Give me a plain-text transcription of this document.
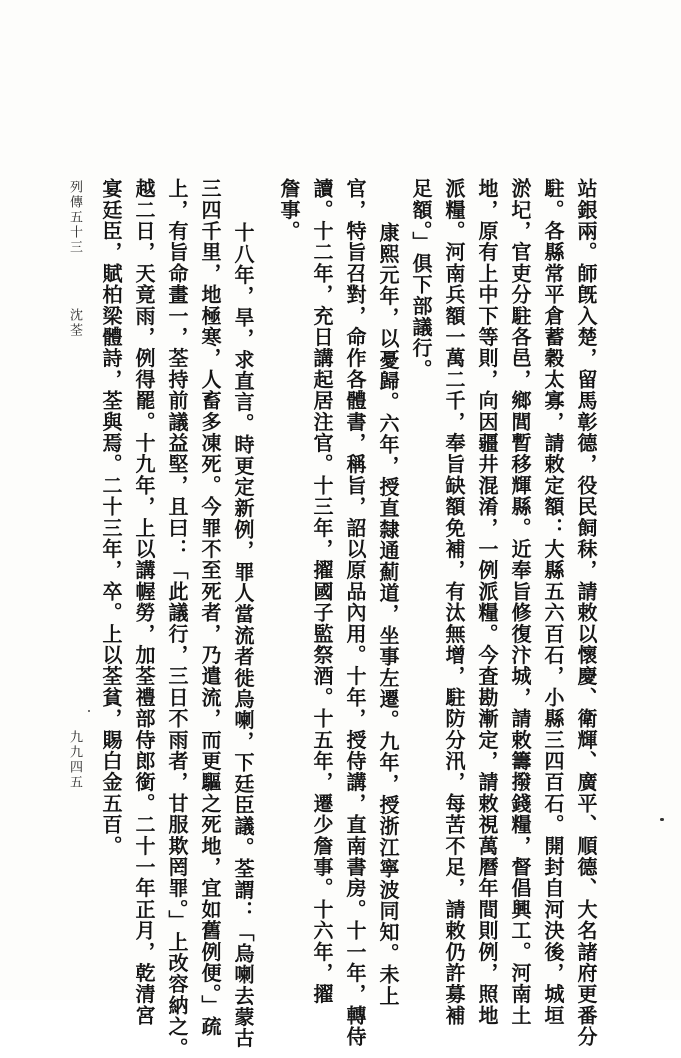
站銀兩。師旣入楚，留馬彰德，役民飼秣，請敕以懷慶、衛輝、廣平、順德、大名諸府更番分
駐。各縣常平倉蓄穀太寡，請敕定額：大縣五六百石，小縣三四百石。開封自河決後，城垣
淤圮，官吏分駐各邑，鄉閭暫移輝縣。近奉旨修復汴城，請敕籌撥錢糧，督倡興工。河南土
地，原有上中下等則，向因疆井混淆，一例派糧。今査勘漸定，請敕視萬曆年間則例，照地
派糧。河南兵額一萬二千，奉旨缺額免補，有汰無增，駐防分汛，每苦不足，請敕仍許募補
足額。」俱下部議行。
康熙元年，以憂歸。六年，授直隸通薊道，坐事左遷。九年，授浙江寧波同知。未上
官，特旨召對，命作各體書，稱旨，詔以原品內用。十年，授侍講，直南書房。十一年，轉侍
讀。十二年，充日講起居注官。十三年，擢國子監祭酒。十五年，遷少詹事。十六年，擢
詹事。
十八年，旱，求直言。時更定新例，罪人當流者徙烏喇，下廷臣議。荃謂：「烏喇去蒙古
三四千里，地極寒，人畜多凍死。今罪不至死者，乃遣流，而更驅之死地，宜如舊例便。」疏
上，有旨命畫一，荃持前議益堅，且曰：「此議行，三日不雨者，甘服欺罔罪。」上改容納之。
越二日，天竟雨，例得罷。十九年，上以講幄勞，加荃禮部侍郎銜。二十一年正月，乾清宮
宴廷臣，賦柏梁體詩，荃與焉。二十三年，卒。上以荃貧，賜白金五百。
列傳五十三
沈荃
九九四五
